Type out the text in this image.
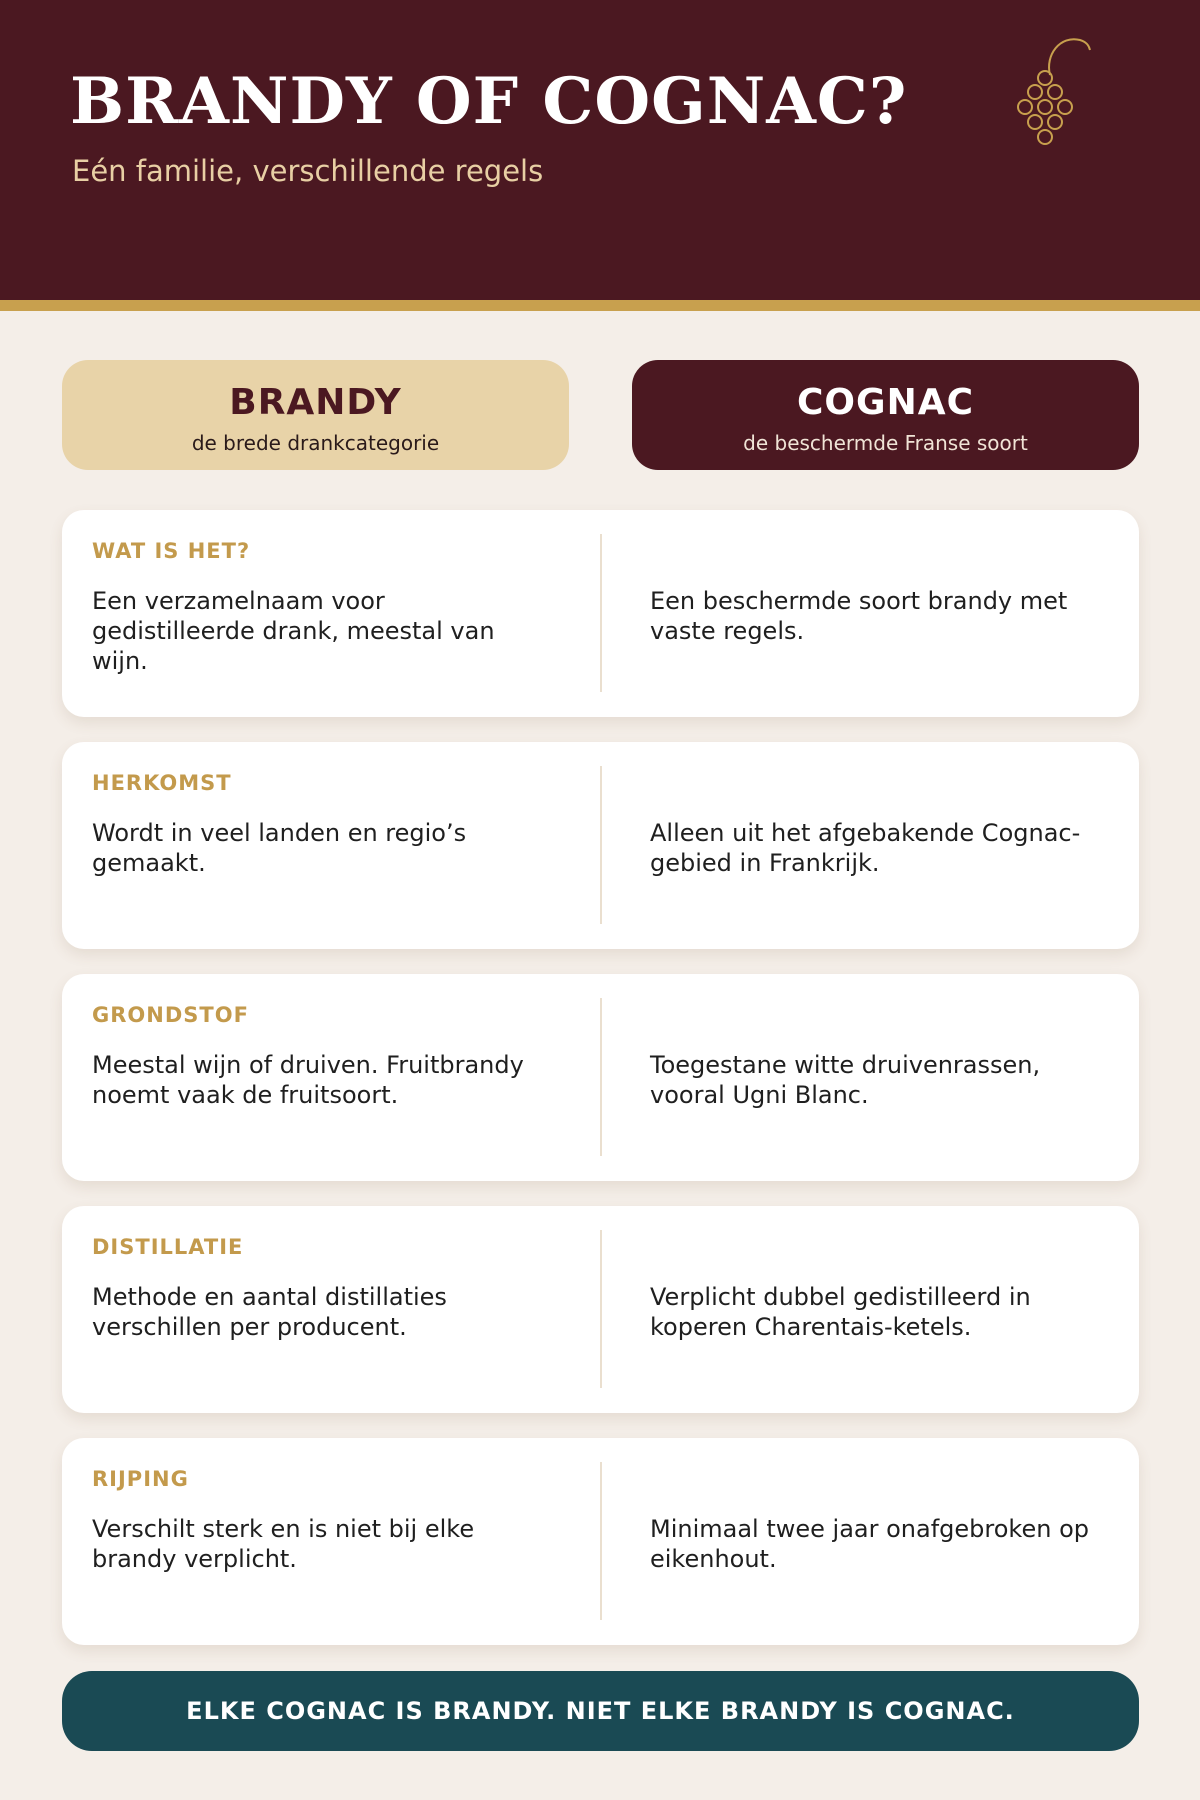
BRANDY OF COGNAC?
Eén familie, verschillende regels
BRANDY
de brede drankcategorie
COGNAC
de beschermde Franse soort
WAT IS HET?
Een verzamelnaam voor gedistilleerde drank, meestal van wijn.
Een beschermde soort brandy met vaste regels.
HERKOMST
Wordt in veel landen en regio’s gemaakt.
Alleen uit het afgebakende Cognac-gebied in Frankrijk.
GRONDSTOF
Meestal wijn of druiven. Fruitbrandy noemt vaak de fruitsoort.
Toegestane witte druivenrassen, vooral Ugni Blanc.
DISTILLATIE
Methode en aantal distillaties verschillen per producent.
Verplicht dubbel gedistilleerd in koperen Charentais-ketels.
RIJPING
Verschilt sterk en is niet bij elke brandy verplicht.
Minimaal twee jaar onafgebroken op eikenhout.
ELKE COGNAC IS BRANDY. NIET ELKE BRANDY IS COGNAC.
